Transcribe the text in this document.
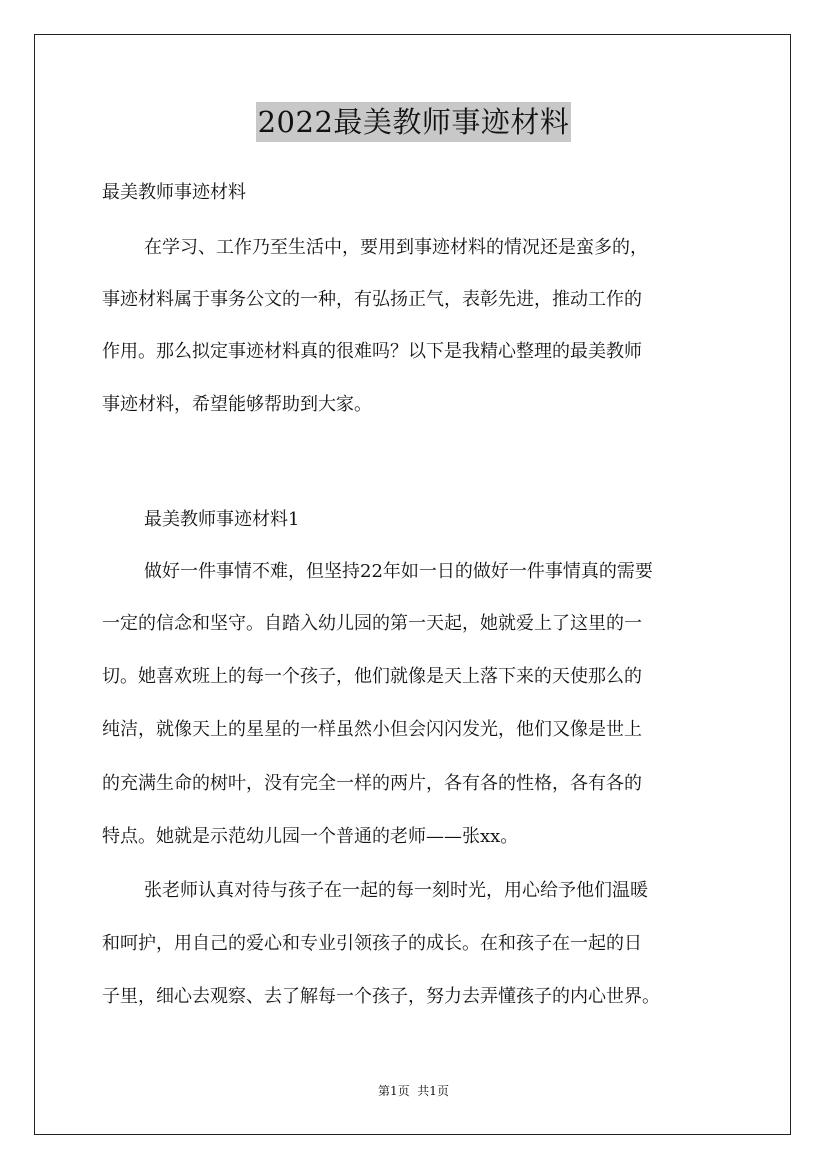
2022最美教师事迹材料
最美教师事迹材料
在学习、工作乃至生活中，要用到事迹材料的情况还是蛮多的，
事迹材料属于事务公文的一种，有弘扬正气，表彰先进，推动工作的
作用。那么拟定事迹材料真的很难吗？以下是我精心整理的最美教师
事迹材料，希望能够帮助到大家。
最美教师事迹材料1
做好一件事情不难，但坚持22年如一日的做好一件事情真的需要
一定的信念和坚守。自踏入幼儿园的第一天起，她就爱上了这里的一
切。她喜欢班上的每一个孩子，他们就像是天上落下来的天使那么的
纯洁，就像天上的星星的一样虽然小但会闪闪发光，他们又像是世上
的充满生命的树叶，没有完全一样的两片，各有各的性格，各有各的
特点。她就是示范幼儿园一个普通的老师——张xx。
张老师认真对待与孩子在一起的每一刻时光，用心给予他们温暖
和呵护，用自己的爱心和专业引领孩子的成长。在和孩子在一起的日
子里，细心去观察、去了解每一个孩子，努力去弄懂孩子的内心世界。
第1页  共1页
